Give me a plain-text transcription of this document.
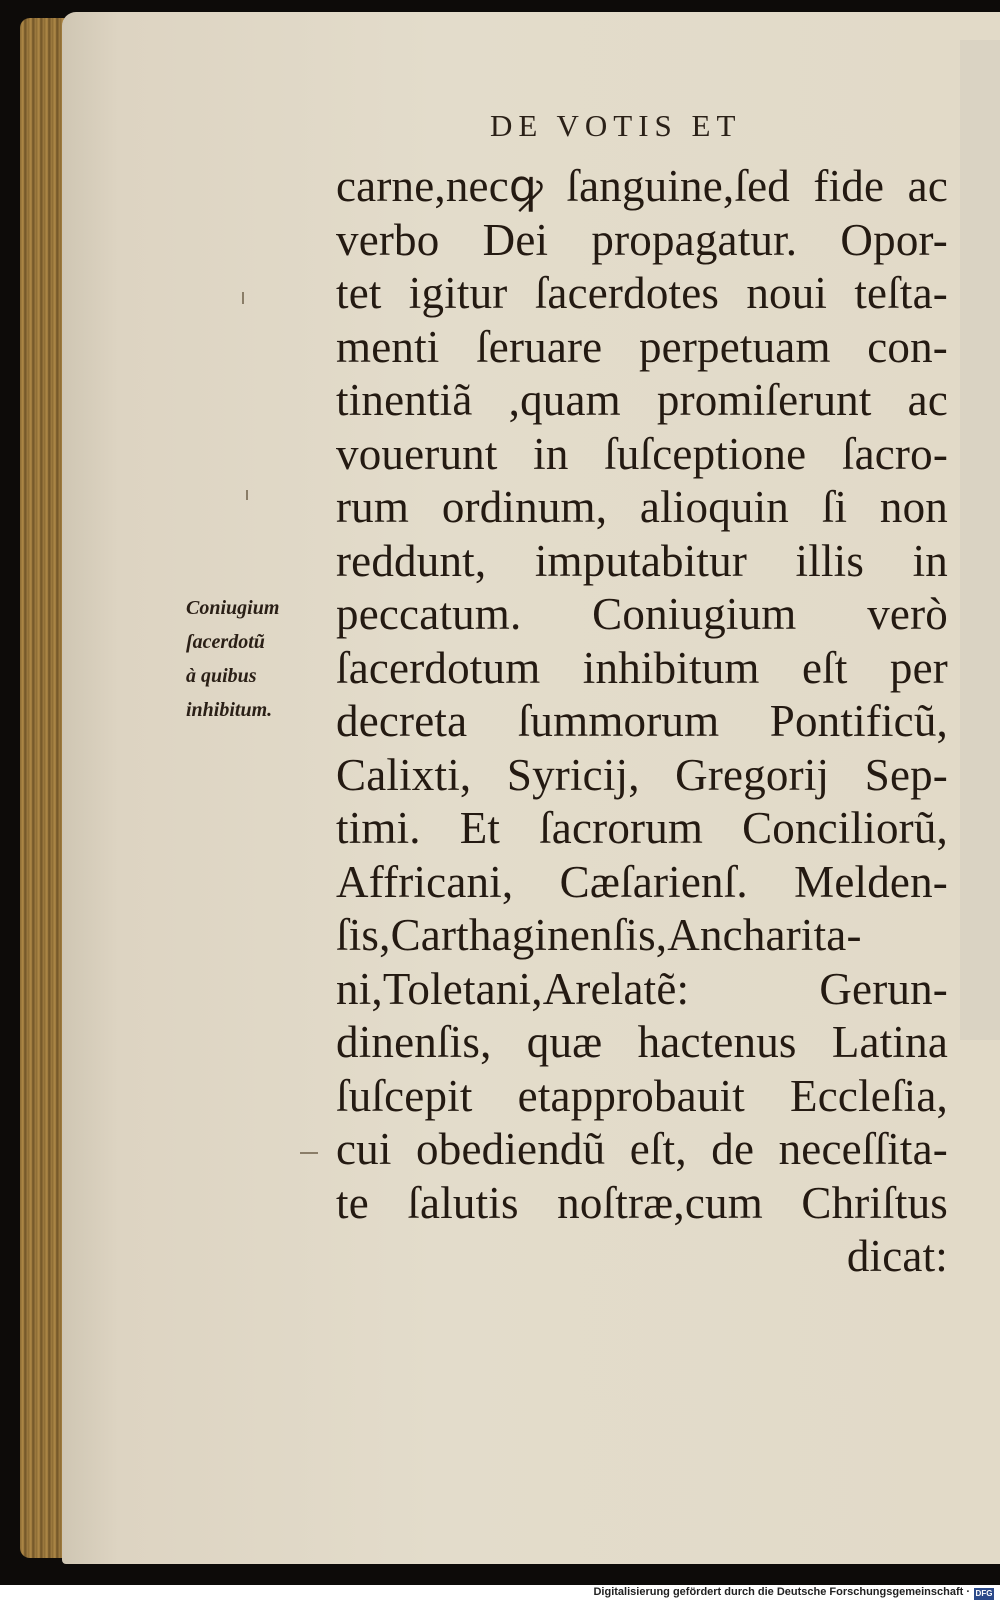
DE VOTIS ET
Coniugium
ſacerdotũ
à quibus
inhibitum.
carne,necꝙ ſanguine,ſed fide ac
verbo Dei propagatur. Opor-
tet igitur ſacerdotes noui teſta-
menti ſeruare perpetuam con-
tinentiã ,quam promiſerunt ac
vouerunt in ſuſceptione ſacro-
rum ordinum, alioquin ſi non
reddunt, imputabitur illis in
peccatum. Coniugium verò
ſacerdotum inhibitum eſt per
decreta ſummorum Pontificũ,
Calixti, Syricij, Gregorij Sep-
timi. Et ſacrorum Conciliorũ,
Affricani, Cæſarienſ. Melden-
ſis,Carthaginenſis,Ancharita-
ni,Toletani,Arelatẽ: Gerun-
dinenſis, quæ hactenus Latina
ſuſcepit etapprobauit Eccleſia,
cui obediendũ eſt, de neceſſita-
te ſalutis noſtræ,cum Chriſtus
dicat:
Digitalisierung gefördert durch die Deutsche Forschungsgemeinschaft · DFG
